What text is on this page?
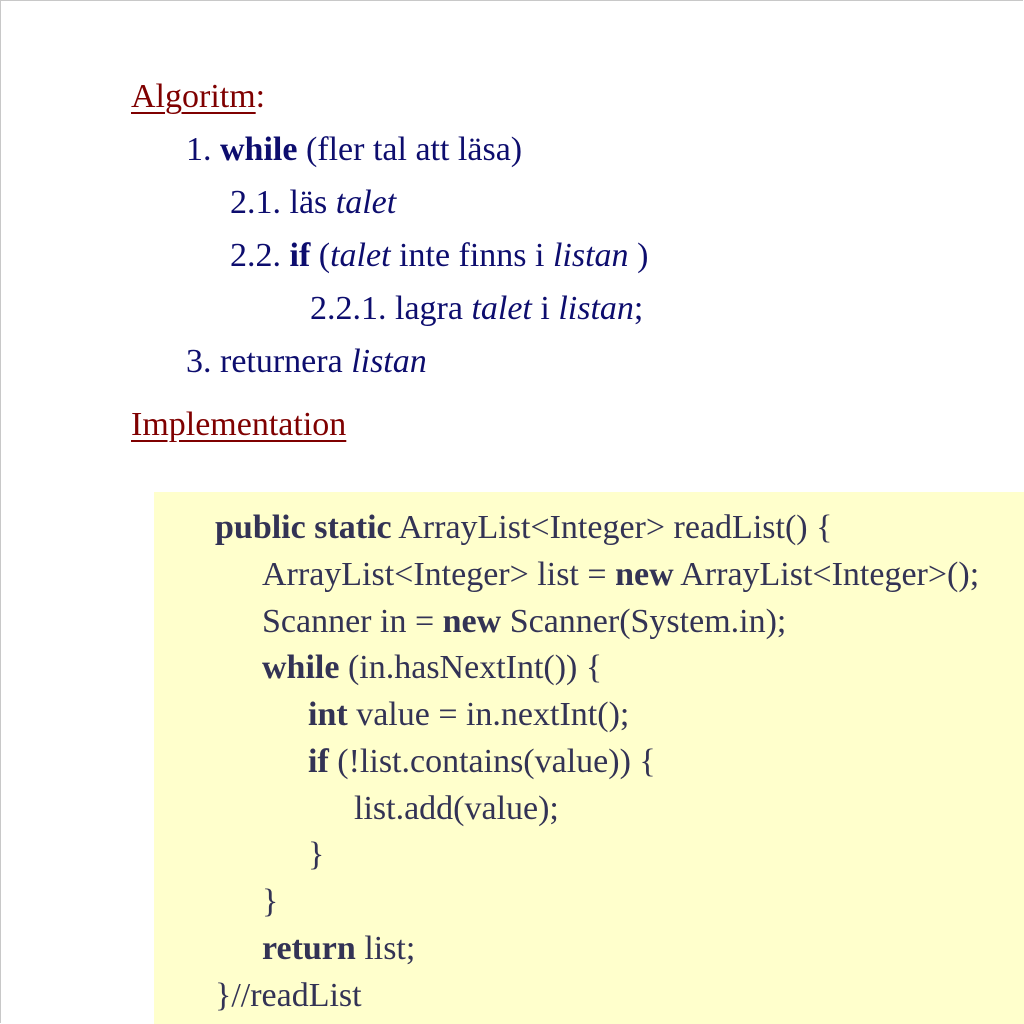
Algoritm:
1. while (fler tal att läsa)
2.1. läs talet
2.2. if (talet inte finns i listan )
2.2.1. lagra talet i listan;
3. returnera listan
Implementation
public static ArrayList<Integer> readList() {
ArrayList<Integer> list = new ArrayList<Integer>();
Scanner in = new Scanner(System.in);
while (in.hasNextInt()) {
int value = in.nextInt();
if (!list.contains(value)) {
list.add(value);
}
}
return list;
}//readList
